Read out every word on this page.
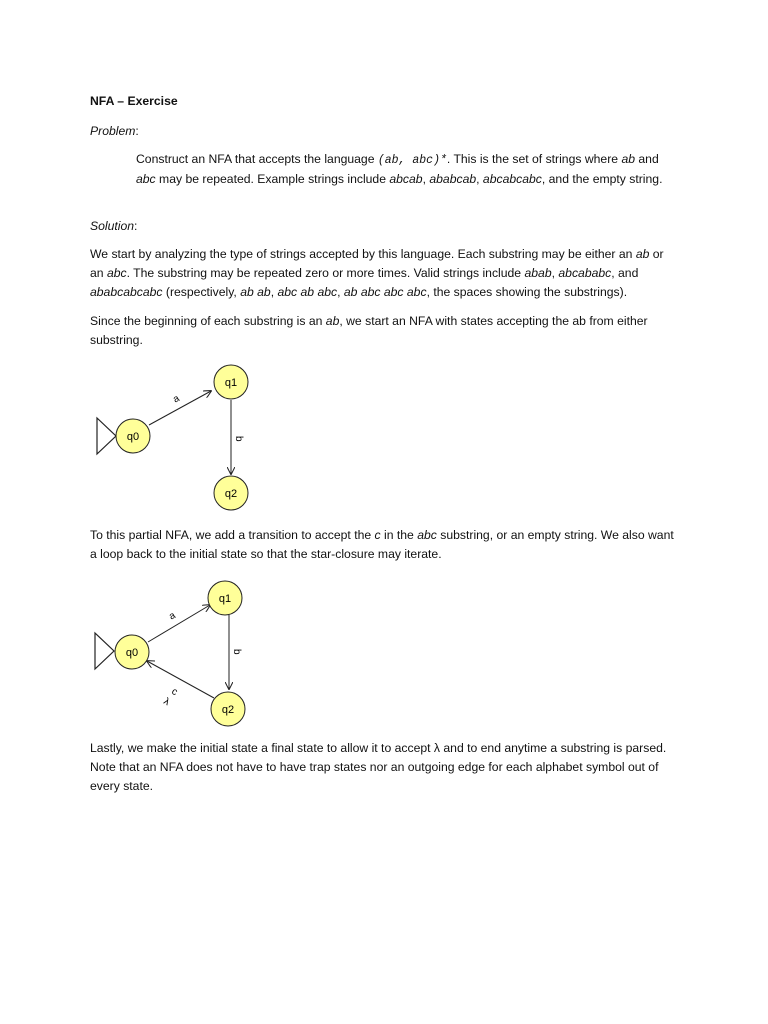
NFA – Exercise
Problem:
Construct an NFA that accepts the language (ab, abc)*. This is the set of strings where ab and abc may be repeated. Example strings include abcab, ababcab, abcabcabc, and the empty string.
Solution:
We start by analyzing the type of strings accepted by this language. Each substring may be either an ab or an abc. The substring may be repeated zero or more times. Valid strings include abab, abcababc, and ababcabcabc (respectively, ab ab, abc ab abc, ab abc abc abc, the spaces showing the substrings).
Since the beginning of each substring is an ab, we start an NFA with states accepting the ab from either substring.
a
b
q0
q1
q2
To this partial NFA, we add a transition to accept the c in the abc substring, or an empty string. We also want a loop back to the initial state so that the star-closure may iterate.
a
b
c
λ
q0
q1
q2
Lastly, we make the initial state a final state to allow it to accept λ and to end anytime a substring is parsed. Note that an NFA does not have to have trap states nor an outgoing edge for each alphabet symbol out of every state.
